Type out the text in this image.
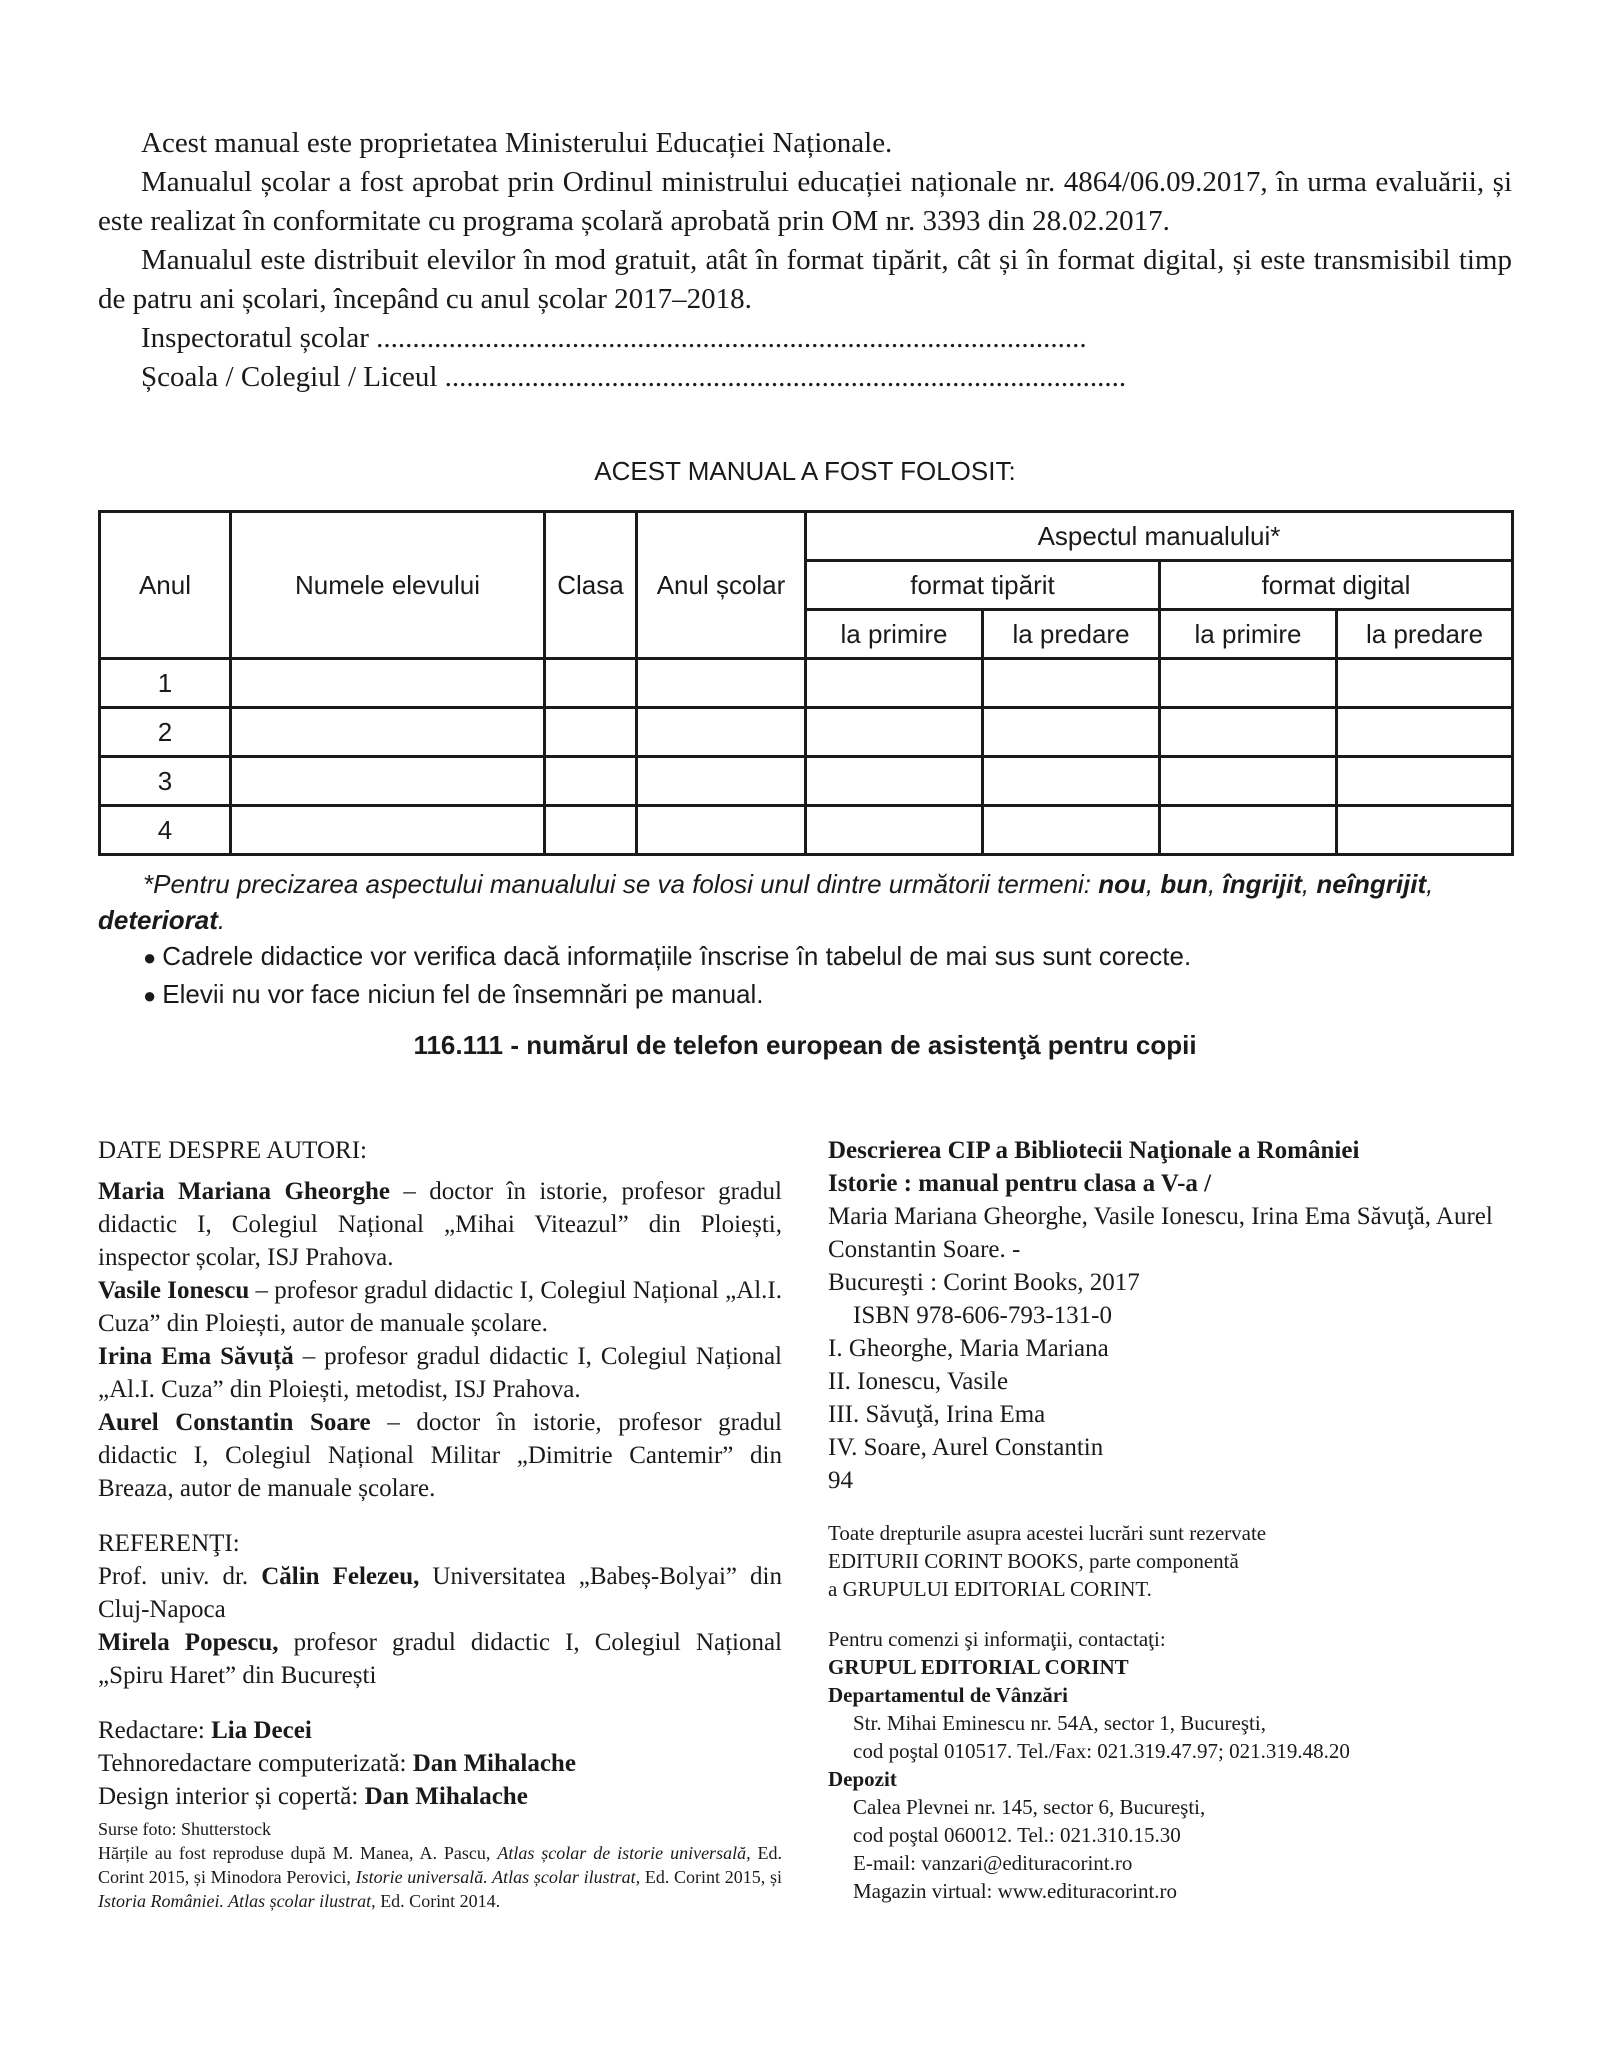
Acest manual este proprietatea Ministerului Educației Naționale.

Manualul școlar a fost aprobat prin Ordinul ministrului educației naționale nr. 4864/06.09.2017, în urma evaluării, și este realizat în conformitate cu programa școlară aprobată prin OM nr. 3393 din 28.02.2017.

Manualul este distribuit elevilor în mod gratuit, atât în format tipărit, cât și în format digital, și este transmisibil timp de patru ani școlari, începând cu anul școlar 2017–2018.

Inspectoratul școlar ..................................................................................................

Școala / Colegiul / Liceul ..............................................................................................

ACEST MANUAL A FOST FOLOSIT:
Anul	Numele elevului	Clasa	Anul școlar	Aspectul manualului*			
				format tipărit		format digital	
				la primire	la predare	la primire	la predare
1							
2							
3							
4							

*Pentru precizarea aspectului manualului se va folosi unul dintre următorii termeni: nou, bun, îngrijit, neîngrijit, deteriorat.

● Cadrele didactice vor verifica dacă informațiile înscrise în tabelul de mai sus sunt corecte.

● Elevii nu vor face niciun fel de însemnări pe manual.

116.111 - numărul de telefon european de asistenţă pentru copii

DATE DESPRE AUTORI:

Maria Mariana Gheorghe – doctor în istorie, profesor gradul didactic I, Colegiul Național „Mihai Viteazul” din Ploiești, inspector școlar, ISJ Prahova.

Vasile Ionescu – profesor gradul didactic I, Colegiul Național „Al.I. Cuza” din Ploiești, autor de manuale școlare.

Irina Ema Săvuță – profesor gradul didactic I, Colegiul Național „Al.I. Cuza” din Ploiești, metodist, ISJ Prahova.

Aurel Constantin Soare – doctor în istorie, profesor gradul didactic I, Colegiul Național Militar „Dimitrie Cantemir” din Breaza, autor de manuale școlare.

REFERENŢI:

Prof. univ. dr. Călin Felezeu, Universitatea „Babeș-Bolyai” din Cluj-Napoca

Mirela Popescu, profesor gradul didactic I, Colegiul Național „Spiru Haret” din București

Redactare: Lia Decei

Tehnoredactare computerizată: Dan Mihalache

Design interior și copertă: Dan Mihalache

Surse foto: Shutterstock

Hărțile au fost reproduse după M. Manea, A. Pascu, Atlas școlar de istorie universală, Ed. Corint 2015, și Minodora Perovici, Istorie universală. Atlas școlar ilustrat, Ed. Corint 2015, și Istoria României. Atlas școlar ilustrat, Ed. Corint 2014.

Descrierea CIP a Bibliotecii Naţionale a României

Istorie : manual pentru clasa a V-a /

Maria Mariana Gheorghe, Vasile Ionescu, Irina Ema Săvuţă, Aurel Constantin Soare. -

Bucureşti : Corint Books, 2017

ISBN 978-606-793-131-0

I. Gheorghe, Maria Mariana

II. Ionescu, Vasile

III. Săvuţă, Irina Ema

IV. Soare, Aurel Constantin

94

Toate drepturile asupra acestei lucrări sunt rezervate

EDITURII CORINT BOOKS, parte componentă

a GRUPULUI EDITORIAL CORINT.

Pentru comenzi şi informaţii, contactaţi:

GRUPUL EDITORIAL CORINT

Departamentul de Vânzări

Str. Mihai Eminescu nr. 54A, sector 1, Bucureşti,

cod poştal 010517. Tel./Fax: 021.319.47.97; 021.319.48.20

Depozit

Calea Plevnei nr. 145, sector 6, Bucureşti,

cod poştal 060012. Tel.: 021.310.15.30

E-mail: vanzari@edituracorint.ro

Magazin virtual: www.edituracorint.ro
